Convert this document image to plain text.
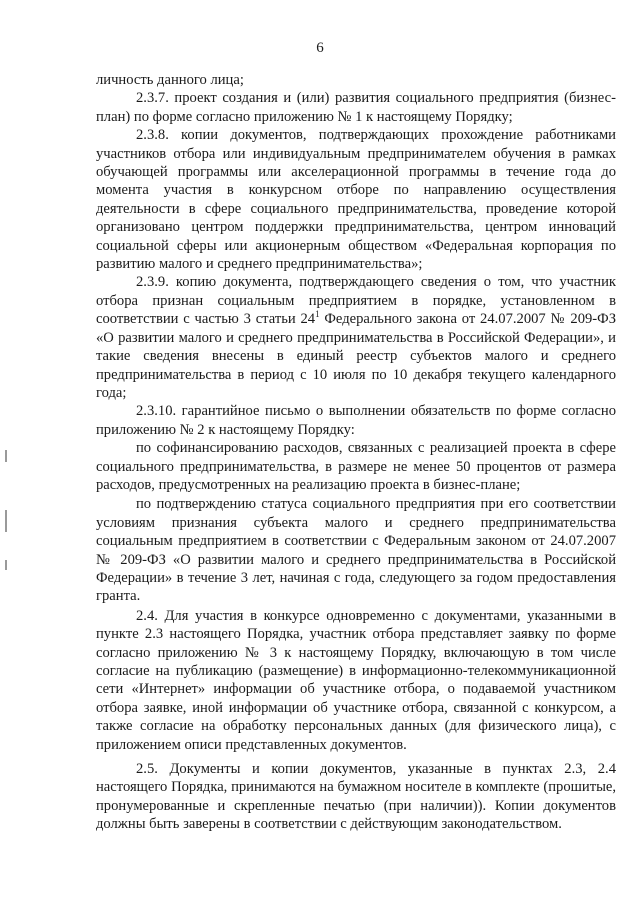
6

личность данного лица;

2.3.7. проект создания и (или) развития социального предприятия (бизнес-план) по форме согласно приложению № 1 к настоящему Порядку;

2.3.8. копии документов, подтверждающих прохождение работниками участников отбора или индивидуальным предпринимателем обучения в рамках обучающей программы или акселерационной программы в течение года до момента участия в конкурсном отборе по направлению осуществления деятельности в сфере социального предпринимательства, проведение которой организовано центром поддержки предпринимательства, центром инноваций социальной сферы или акционерным обществом «Федеральная корпорация по развитию малого и среднего предпринимательства»;

2.3.9. копию документа, подтверждающего сведения о том, что участник отбора признан социальным предприятием в порядке, установленном в соответствии с частью 3 статьи $24^1$ Федерального закона от 24.07.2007 № 209-ФЗ «О развитии малого и среднего предпринимательства в Российской Федерации», и такие сведения внесены в единый реестр субъектов малого и среднего предпринимательства в период с 10 июля по 10 декабря текущего календарного года;

2.3.10. гарантийное письмо о выполнении обязательств по форме согласно приложению № 2 к настоящему Порядку:

по софинансированию расходов, связанных с реализацией проекта в сфере социального предпринимательства, в размере не менее 50 процентов от размера расходов, предусмотренных на реализацию проекта в бизнес-плане;

по подтверждению статуса социального предприятия при его соответствии условиям признания субъекта малого и среднего предпринимательства социальным предприятием в соответствии с Федеральным законом от 24.07.2007 № 209-ФЗ «О развитии малого и среднего предпринимательства в Российской Федерации» в течение 3 лет, начиная с года, следующего за годом предоставления гранта.

2.4. Для участия в конкурсе одновременно с документами, указанными в пункте 2.3 настоящего Порядка, участник отбора представляет заявку по форме согласно приложению № 3 к настоящему Порядку, включающую в том числе согласие на публикацию (размещение) в информационно-телекоммуникационной сети «Интернет» информации об участнике отбора, о подаваемой участником отбора заявке, иной информации об участнике отбора, связанной с конкурсом, а также согласие на обработку персональных данных (для физического лица), с приложением описи представленных документов.

2.5. Документы и копии документов, указанные в пунктах 2.3, 2.4 настоящего Порядка, принимаются на бумажном носителе в комплекте (прошитые, пронумерованные и скрепленные печатью (при наличии)). Копии документов должны быть заверены в соответствии с действующим законодательством.
